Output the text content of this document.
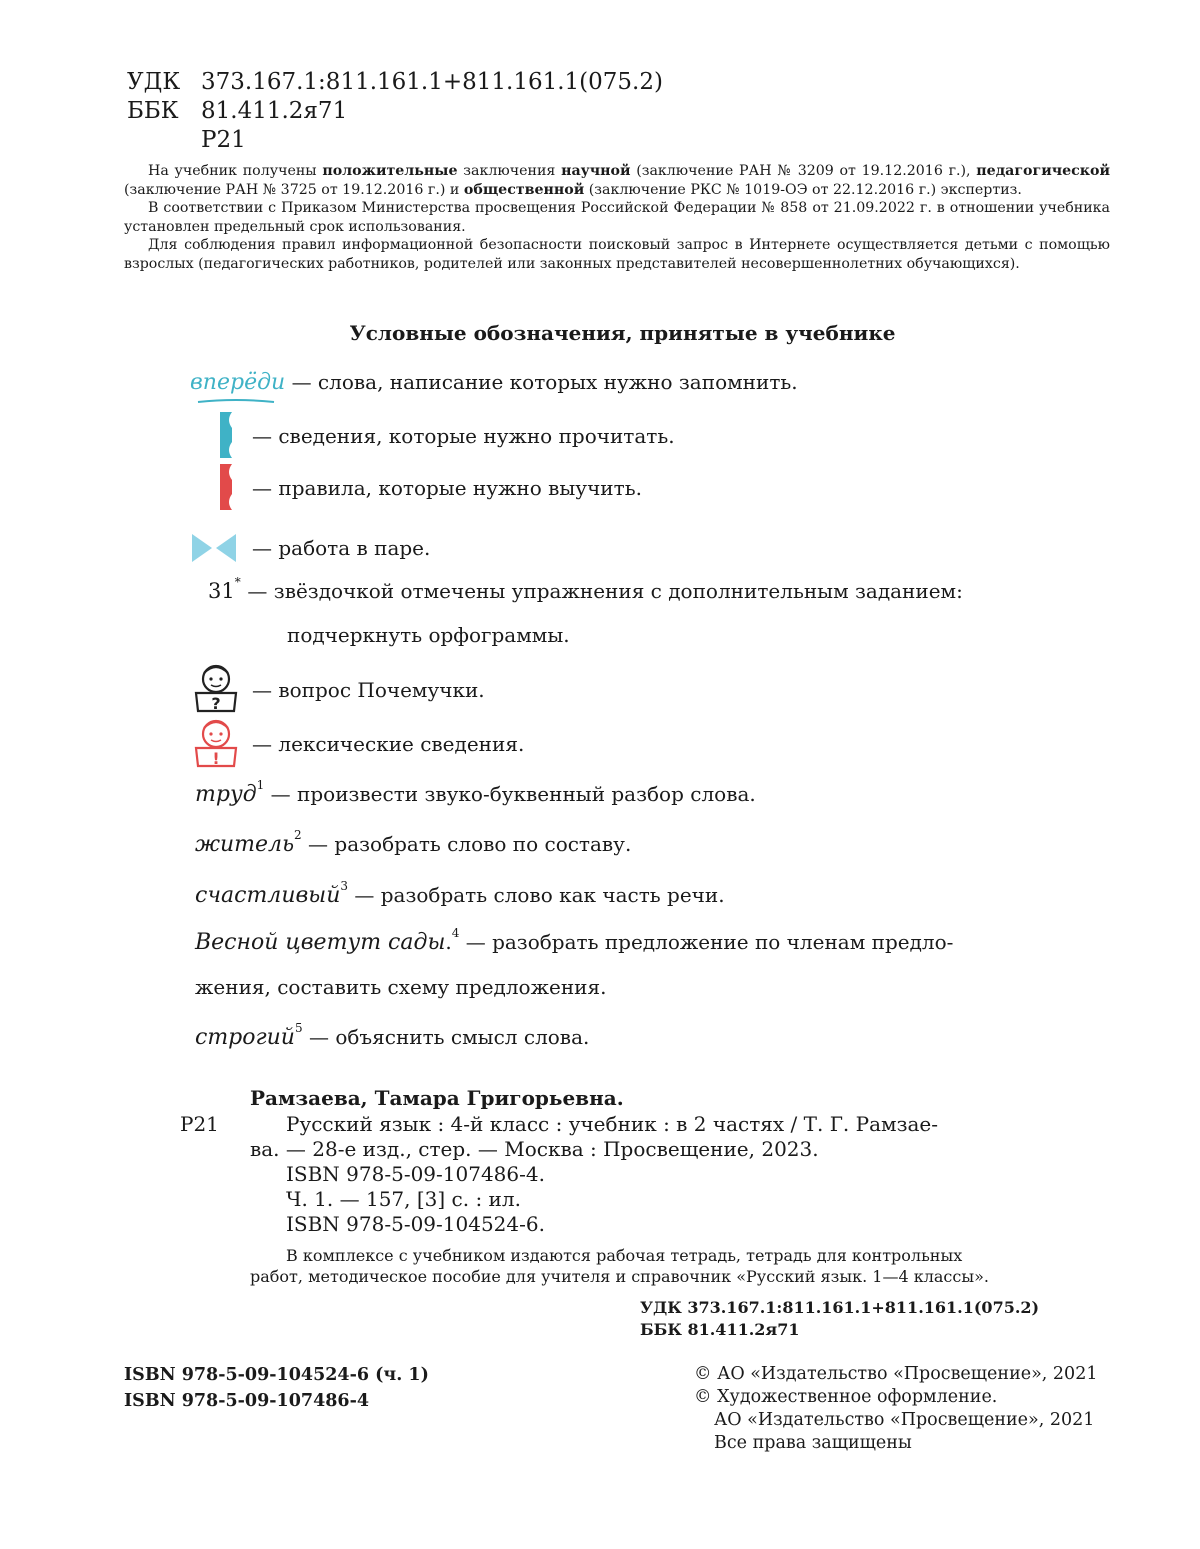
УДК 373.167.1:811.161.1+811.161.1(075.2)
ББК 81.411.2я71
Р21

На учебник получены положительные заключения научной (заключение РАН № 3209 от 19.12.2016 г.), педагогической (заключение РАН № 3725 от 19.12.2016 г.) и общественной (заключение РКС № 1019-ОЭ от 22.12.2016 г.) экспертиз.

В соответствии с Приказом Министерства просвещения Российской Федерации № 858 от 21.09.2022 г. в отношении учебника установлен предельный срок использования.

Для соблюдения правил информационной безопасности поисковый запрос в Интернете осуществляется детьми с помощью взрослых (педагогических работников, родителей или законных представителей несовершеннолетних обучающихся).

Условные обозначения, принятые в учебнике
вперёди — слова, написание которых нужно запомнить.
— сведения, которые нужно прочитать.
— правила, которые нужно выучить.
— работа в паре.
31* — звёздочкой отмечены упражнения с дополнительным заданием:
подчеркнуть орфограммы.
?
— вопрос Почемучки.
!
— лексические сведения.
труд$^1$ — произвести звуко-буквенный разбор слова.
житель$^2$ — разобрать слово по составу.
счастливый$^3$ — разобрать слово как часть речи.
Весной цветут сады.$^4$ — разобрать предложение по членам предло-
жения, составить схему предложения.
строгий$^5$ — объяснить смысл слова.
Рамзаева, Тамара Григорьевна.
Р21	Русский язык : 4-й класс : учебник : в 2 частях / Т. Г. Рамзае-
ва. — 28-е изд., стер. — Москва : Просвещение, 2023.
ISBN 978-5-09-107486-4.
Ч. 1. — 157, [3] с. : ил.
ISBN 978-5-09-104524-6.
В комплексе с учебником издаются рабочая тетрадь, тетрадь для контрольных
работ, методическое пособие для учителя и справочник «Русский язык. 1—4 классы».
УДК 373.167.1:811.161.1+811.161.1(075.2)
ББК 81.411.2я71
ISBN 978-5-09-104524-6 (ч. 1)
ISBN 978-5-09-107486-4
© АО «Издательство «Просвещение», 2021
© Художественное оформление.
АО «Издательство «Просвещение», 2021
Все права защищены
